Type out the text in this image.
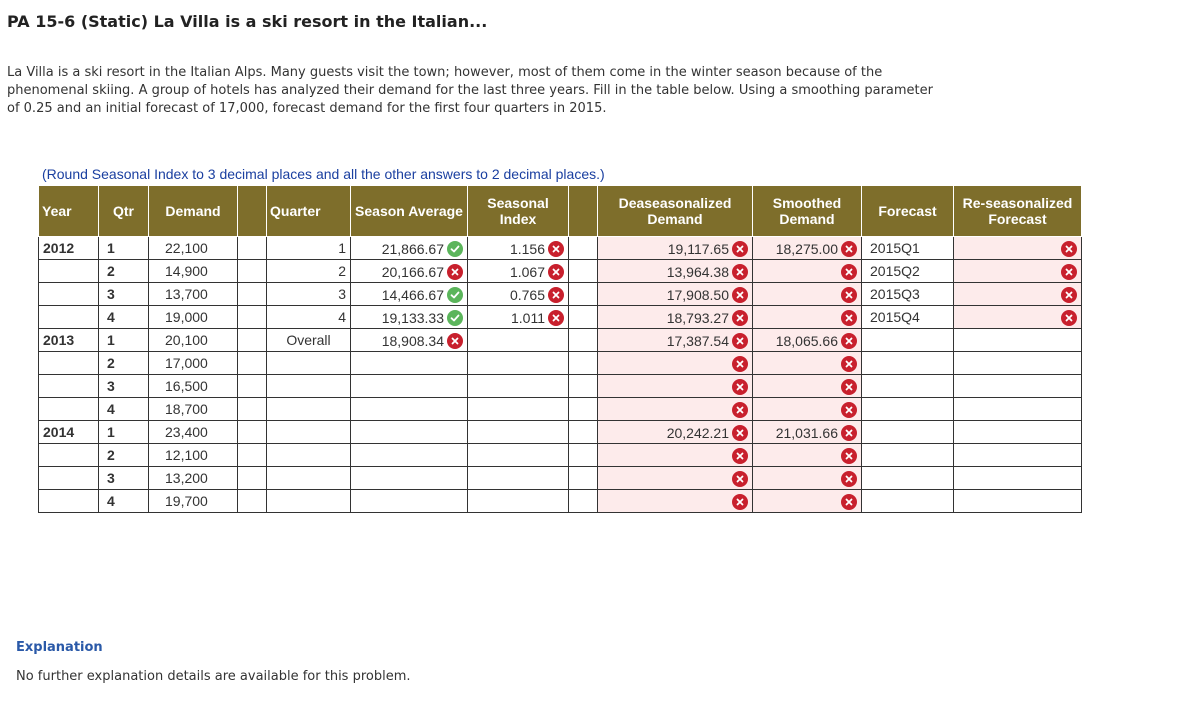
PA 15-6 (Static) La Villa is a ski resort in the Italian...

La Villa is a ski resort in the Italian Alps. Many guests visit the town; however, most of them come in the winter season because of the phenomenal skiing. A group of hotels has analyzed their demand for the last three years. Fill in the table below. Using a smoothing parameter of 0.25 and an initial forecast of 17,000, forecast demand for the first four quarters in 2015.

(Round Seasonal Index to 3 decimal places and all the other answers to 2 decimal places.)
Year	Qtr	Demand		Quarter	Season Average	Seasonal Index		Deaseasonalized Demand	Smoothed Demand	Forecast	Re-seasonalized Forecast
2012	1	22,100		1	21,866.67	1.156		19,117.65	18,275.00	2015Q1	

	2	14,900		2	20,166.67	1.067		13,964.38		2015Q2	

	3	13,700		3	14,466.67	0.765		17,908.50		2015Q3	

	4	19,000		4	19,133.33	1.011		18,793.27		2015Q4	

2013	1	20,100		Overall	18,908.34			17,387.54	18,065.66		

	2	17,000			

	3	16,500			

	4	18,700			

2014	1	23,400						20,242.21	21,031.66		

	2	12,100			

	3	13,200			

	4	19,700			

Explanation
No further explanation details are available for this problem.
